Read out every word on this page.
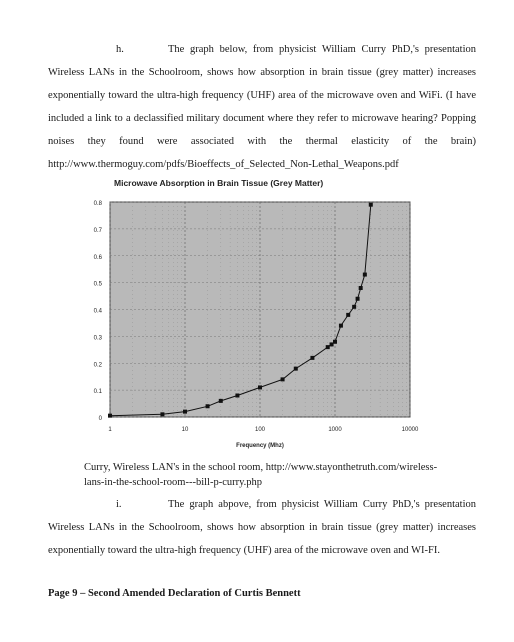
h.	The graph below, from physicist William Curry PhD,'s presentation Wireless LANs in the Schoolroom, shows how absorption in brain tissue (grey matter) increases exponentially toward the ultra-high frequency (UHF) area of the microwave oven and WiFi. (I have included a link to a declassified military document where they refer to microwave hearing? Popping noises they found were associated with the thermal elasticity of the brain) http://www.thermoguy.com/pdfs/Bioeffects_of_Selected_Non-Lethal_Weapons.pdf
Microwave Absorption in Brain Tissue (Grey Matter)
0
0.1
0.2
0.3
0.4
0.5
0.6
0.7
0.8
1	10	100	1000	10000
Frequency (Mhz)
Curry, Wireless LAN's in the school room, http://www.stayonthetruth.com/wireless-lans-in-the-school-room---bill-p-curry.php
i.	The graph abpove, from physicist William Curry PhD,'s presentation Wireless LANs in the Schoolroom, shows how absorption in brain tissue (grey matter) increases exponentially toward the ultra-high frequency (UHF) area of the microwave oven and WI-FI.
Page 9 – Second Amended Declaration of Curtis Bennett
